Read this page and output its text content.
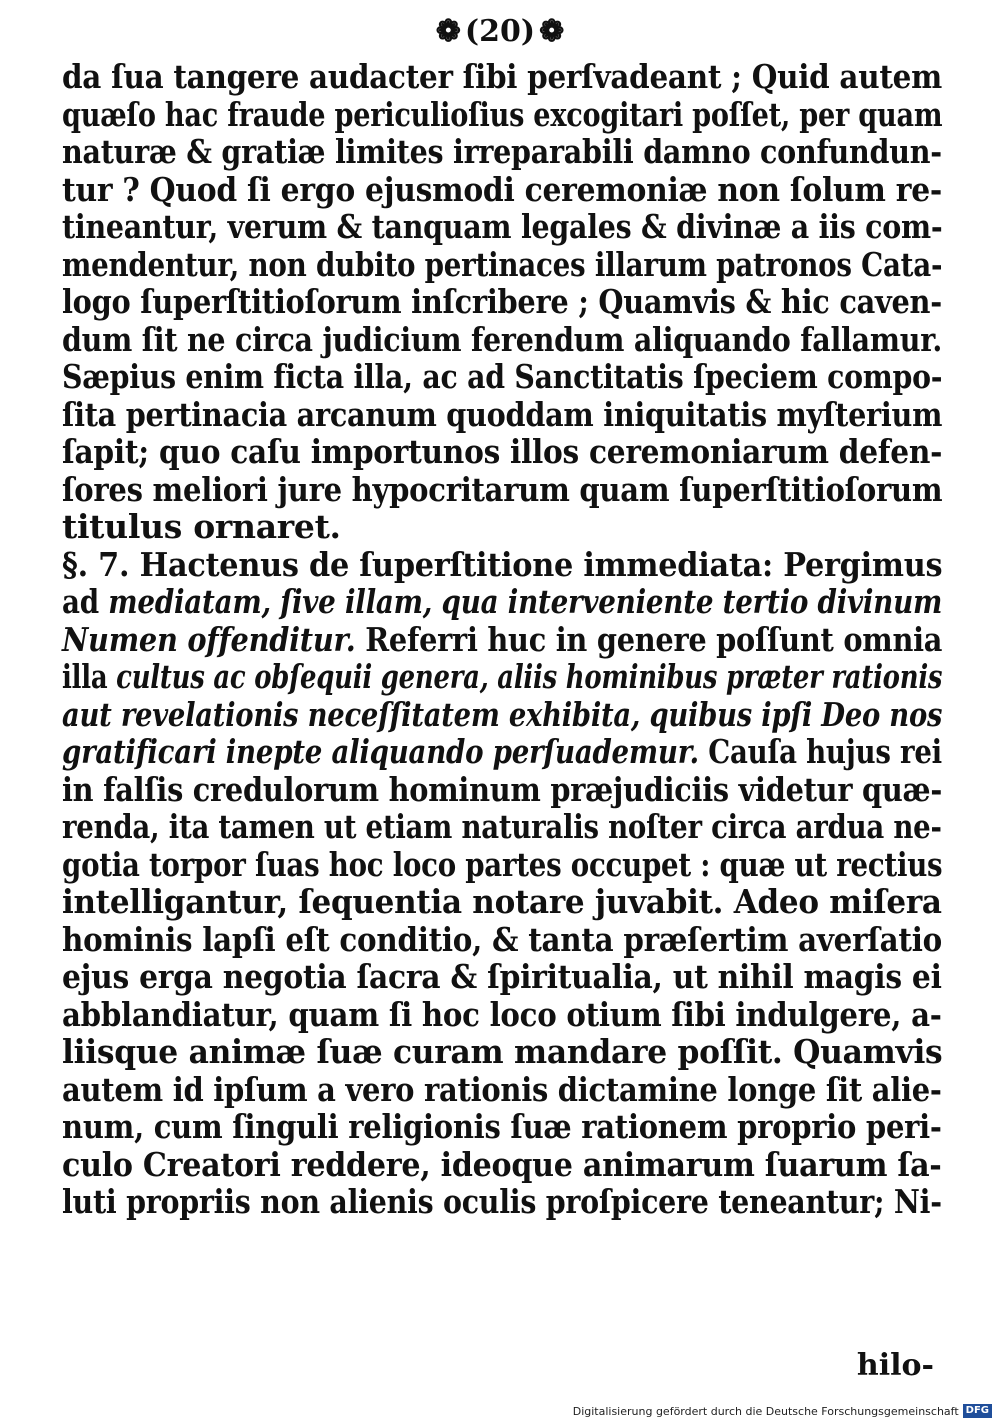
❁ (20) ❁
da ſua tangere audacter ſibi perſvadeant ; Quid autem
quæſo hac fraude periculioſius excogitari poſſet, per quam
naturæ & gratiæ limites irreparabili damno confundun-
tur ? Quod ſi ergo ejusmodi ceremoniæ non ſolum re-
tineantur, verum & tanquam legales & divinæ a iis com-
mendentur, non dubito pertinaces illarum patronos Cata-
logo ſuperſtitioſorum inſcribere ; Quamvis & hic caven-
dum ſit ne circa judicium ferendum aliquando fallamur.
Sæpius enim ficta illa, ac ad Sanctitatis ſpeciem compo-
ſita pertinacia arcanum quoddam iniquitatis myſterium
ſapit; quo caſu importunos illos ceremoniarum defen-
ſores meliori jure hypocritarum quam ſuperſtitioſorum
titulus ornaret.
§. 7. Hactenus de ſuperſtitione immediata: Pergimus
ad mediatam, ſive illam, qua interveniente tertio divinum
Numen offenditur. Referri huc in genere poſſunt omnia
illa cultus ac obſequii genera, aliis hominibus præter rationis
aut revelationis neceſſitatem exhibita, quibus ipſi Deo nos
gratificari inepte aliquando perſuademur. Cauſa hujus rei
in falſis credulorum hominum præjudiciis videtur quæ-
renda, ita tamen ut etiam naturalis noſter circa ardua ne-
gotia torpor ſuas hoc loco partes occupet : quæ ut rectius
intelligantur, ſequentia notare juvabit. Adeo miſera
hominis lapſi eſt conditio, & tanta præſertim averſatio
ejus erga negotia ſacra & ſpiritualia, ut nihil magis ei
abblandiatur, quam ſi hoc loco otium ſibi indulgere, a-
liisque animæ ſuæ curam mandare poſſit. Quamvis
autem id ipſum a vero rationis dictamine longe ſit alie-
num, cum ſinguli religionis ſuæ rationem proprio peri-
culo Creatori reddere, ideoque animarum ſuarum ſa-
luti propriis non alienis oculis proſpicere teneantur; Ni-
hilo-
Digitalisierung gefördert durch die Deutsche Forschungsgemeinschaft DFG
